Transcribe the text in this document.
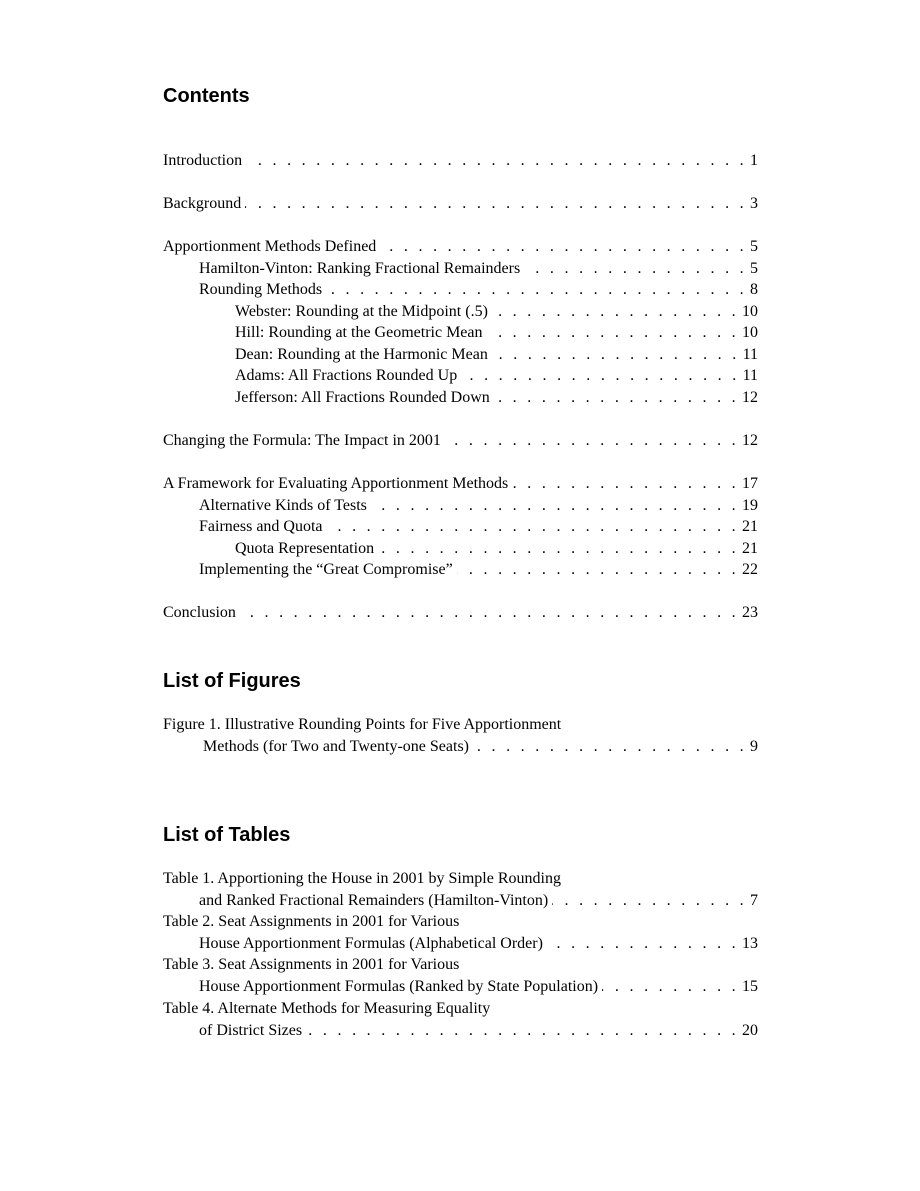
Contents
Introduction . . .	1
Background . . .	3
Apportionment Methods Defined . . .	5
Hamilton-Vinton: Ranking Fractional Remainders . . .	5
Rounding Methods . . .	8
Webster: Rounding at the Midpoint (.5) . . .	10
Hill: Rounding at the Geometric Mean . . .	10
Dean: Rounding at the Harmonic Mean . . .	11
Adams: All Fractions Rounded Up . . .	11
Jefferson: All Fractions Rounded Down . . .	12
Changing the Formula: The Impact in 2001 . . .	12
A Framework for Evaluating Apportionment Methods . . .	17
Alternative Kinds of Tests . . .	19
Fairness and Quota . . .	21
Quota Representation . . .	21
Implementing the “Great Compromise” . . .	22
Conclusion . . .	23
List of Figures
Figure 1. Illustrative Rounding Points for Five Apportionment
Methods (for Two and Twenty-one Seats) . . .	9
List of Tables
Table 1. Apportioning the House in 2001 by Simple Rounding
and Ranked Fractional Remainders (Hamilton-Vinton) . . .	7
Table 2. Seat Assignments in 2001 for Various
House Apportionment Formulas (Alphabetical Order) . . .	13
Table 3. Seat Assignments in 2001 for Various
House Apportionment Formulas (Ranked by State Population) . . .	15
Table 4. Alternate Methods for Measuring Equality
of District Sizes . . .	20
